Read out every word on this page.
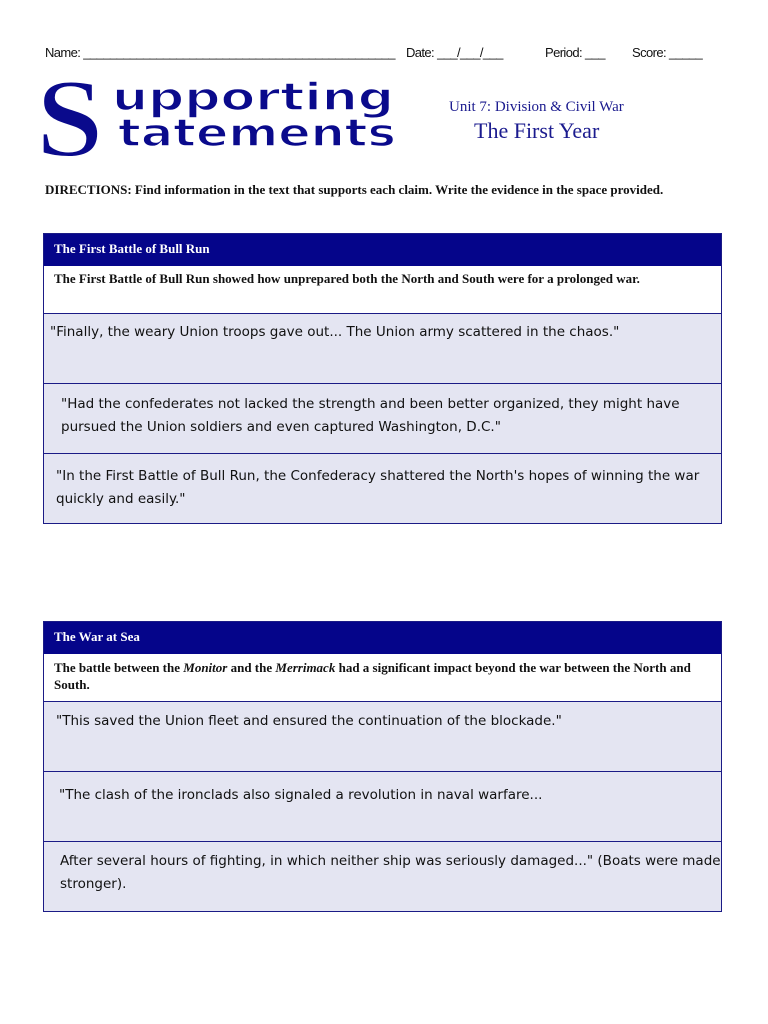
Name: _______________________________________________ Date: ___/___/___	Period: ___ Score: _____
S upporting
tatements
Unit 7: Division & Civil War
The First Year
DIRECTIONS: Find information in the text that supports each claim. Write the evidence in the space provided.
The First Battle of Bull Run
The First Battle of Bull Run showed how unprepared both the North and South were for a prolonged war.
"Finally, the weary Union troops gave out... The Union army scattered in the chaos."
"Had the confederates not lacked the strength and been better organized, they might have pursued the Union soldiers and even captured Washington, D.C."
"In the First Battle of Bull Run, the Confederacy shattered the North's hopes of winning the war quickly and easily."
The War at Sea
The battle between the Monitor and the Merrimack had a significant impact beyond the war between the North and South.
"This saved the Union fleet and ensured the continuation of the blockade."
"The clash of the ironclads also signaled a revolution in naval warfare...
After several hours of fighting, in which neither ship was seriously damaged..." (Boats were made stronger).
